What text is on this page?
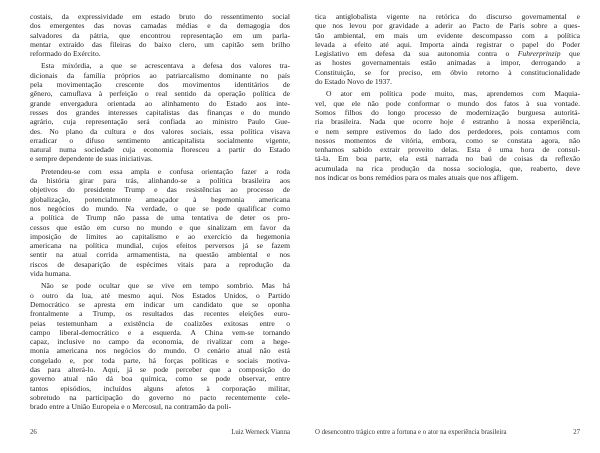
costais, da expressividade em estado bruto do ressentimento social
dos emergentes das novas camadas médias e da demagogia dos
salvadores da pátria, que encontrou representação em um parla-
mentar extraído das fileiras do baixo clero, um capitão sem brilho
reformado do Exército.
Esta mixórdia, a que se acrescentava a defesa dos valores tra-
dicionais da família próprios ao patriarcalismo dominante no país
pela movimentação crescente dos movimentos identitários de
gênero, camuflava à perfeição o real sentido da operação política de
grande envergadura orientada ao alinhamento do Estado aos inte-
resses dos grandes interesses capitalistas das finanças e do mundo
agrário, cuja representação será confiada ao ministro Paulo Gue-
des. No plano da cultura e dos valores sociais, essa política visava
erradicar o difuso sentimento anticapitalista socialmente vigente,
natural numa sociedade cuja economia floresceu a partir do Estado
e sempre dependente de suas iniciativas.
Pretendeu-se com essa ampla e confusa orientação fazer a roda
da história girar para trás, alinhando-se a política brasileira aos
objetivos do presidente Trump e das resistências ao processo de
globalização, potencialmente ameaçador à hegemonia americana
nos negócios do mundo. Na verdade, o que se pode qualificar como
a política de Trump não passa de uma tentativa de deter os pro-
cessos que estão em curso no mundo e que sinalizam em favor da
imposição de limites ao capitalismo e ao exercício da hegemonia
americana na política mundial, cujos efeitos perversos já se fazem
sentir na atual corrida armamentista, na questão ambiental e nos
riscos de desaparição de espécimes vitais para a reprodução da
vida humana.
Não se pode ocultar que se vive em tempo sombrio. Mas há
o outro da lua, até mesmo aqui. Nos Estados Unidos, o Partido
Democrático se apresta em indicar um candidato que se oponha
frontalmente a Trump, os resultados das recentes eleições euro-
peias testemunham a existência de coalizões exitosas entre o
campo liberal-democrático e a esquerda. A China vem-se tornando
capaz, inclusive no campo da economia, de rivalizar com a hege-
monia americana nos negócios do mundo. O cenário atual não está
congelado e, por toda parte, há forças políticas e sociais motiva-
das para alterá-lo. Aqui, já se pode perceber que a composição do
governo atual não dá boa química, como se pode observar, entre
tantos episódios, incluídos alguns afetos à corporação militar,
sobretudo na participação do governo no pacto recentemente cele-
brado entre a União Europeia e o Mercosul, na contramão da poli-
tica antiglobalista vigente na retórica do discurso governamental e
que nos levou por gravidade a aderir ao Pacto de Paris sobre a ques-
tão ambiental, em mais um evidente descompasso com a política
levada a efeito até aqui. Importa ainda registrar o papel do Poder
Legislativo em defesa da sua autonomia contra o Fuhrerprinzip que
as hostes governamentais estão animadas a impor, derrogando a
Constituição, se for preciso, em óbvio retorno à constitucionalidade
do Estado Novo de 1937.
O ator em política pode muito, mas, aprendemos com Maquia-
vel, que ele não pode conformar o mundo dos fatos à sua vontade.
Somos filhos do longo processo de modernização burguesa autoritá-
ria brasileira. Nada que ocorre hoje é estranho à nossa experiência,
e nem sempre estivemos do lado dos perdedores, pois contamos com
nossos momentos de vitória, embora, como se constata agora, não
tenhamos sabido extrair proveito delas. Esta é uma hora de consul-
tá-la. Em boa parte, ela está narrada no baú de coisas da reflexão
acumulada na rica produção da nossa sociologia, que, reaberto, deve
nos indicar os bons remédios para os males atuais que nos afligem.
26	Luiz Werneck Vianna	O desencontro trágico entre a fortuna e o ator na experiência brasileira	27
